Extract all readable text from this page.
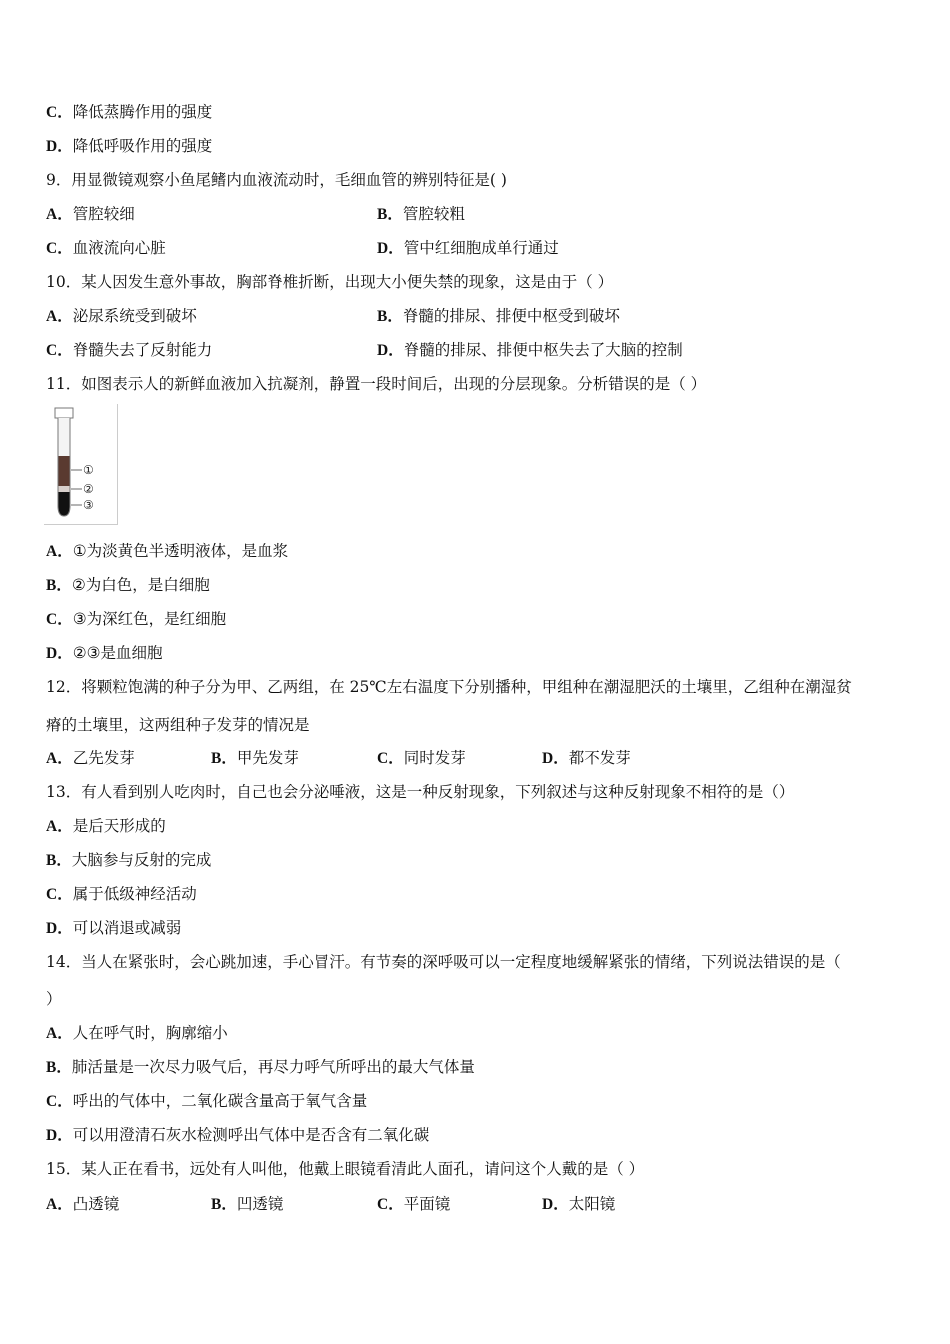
C．降低蒸腾作用的强度
D．降低呼吸作用的强度
9．用显微镜观察小鱼尾鳍内血液流动时，毛细血管的辨别特征是( )
A．管腔较细	B．管腔较粗
C．血液流向心脏	D．管中红细胞成单行通过
10．某人因发生意外事故，胸部脊椎折断，出现大小便失禁的现象，这是由于（ ）
A．泌尿系统受到破坏	B．脊髓的排尿、排便中枢受到破坏
C．脊髓失去了反射能力	D．脊髓的排尿、排便中枢失去了大脑的控制
11．如图表示人的新鲜血液加入抗凝剂，静置一段时间后，出现的分层现象。分析错误的是（ ）
①
②
③
A．①为淡黄色半透明液体，是血浆
B．②为白色，是白细胞
C．③为深红色，是红细胞
D．②③是血细胞
12．将颗粒饱满的种子分为甲、乙两组，在 25℃左右温度下分别播种，甲组种在潮湿肥沃的土壤里，乙组种在潮湿贫
瘠的土壤里，这两组种子发芽的情况是
A．乙先发芽	B．甲先发芽	C．同时发芽	D．都不发芽
13．有人看到别人吃肉时，自己也会分泌唾液，这是一种反射现象，下列叙述与这种反射现象不相符的是（）
A．是后天形成的
B．大脑参与反射的完成
C．属于低级神经活动
D．可以消退或减弱
14．当人在紧张时，会心跳加速，手心冒汗。有节奏的深呼吸可以一定程度地缓解紧张的情绪，下列说法错误的是（
）
A．人在呼气时，胸廓缩小
B．肺活量是一次尽力吸气后，再尽力呼气所呼出的最大气体量
C．呼出的气体中，二氧化碳含量高于氧气含量
D．可以用澄清石灰水检测呼出气体中是否含有二氧化碳
15．某人正在看书，远处有人叫他，他戴上眼镜看清此人面孔，请问这个人戴的是（ ）
A．凸透镜	B．凹透镜	C．平面镜	D．太阳镜
